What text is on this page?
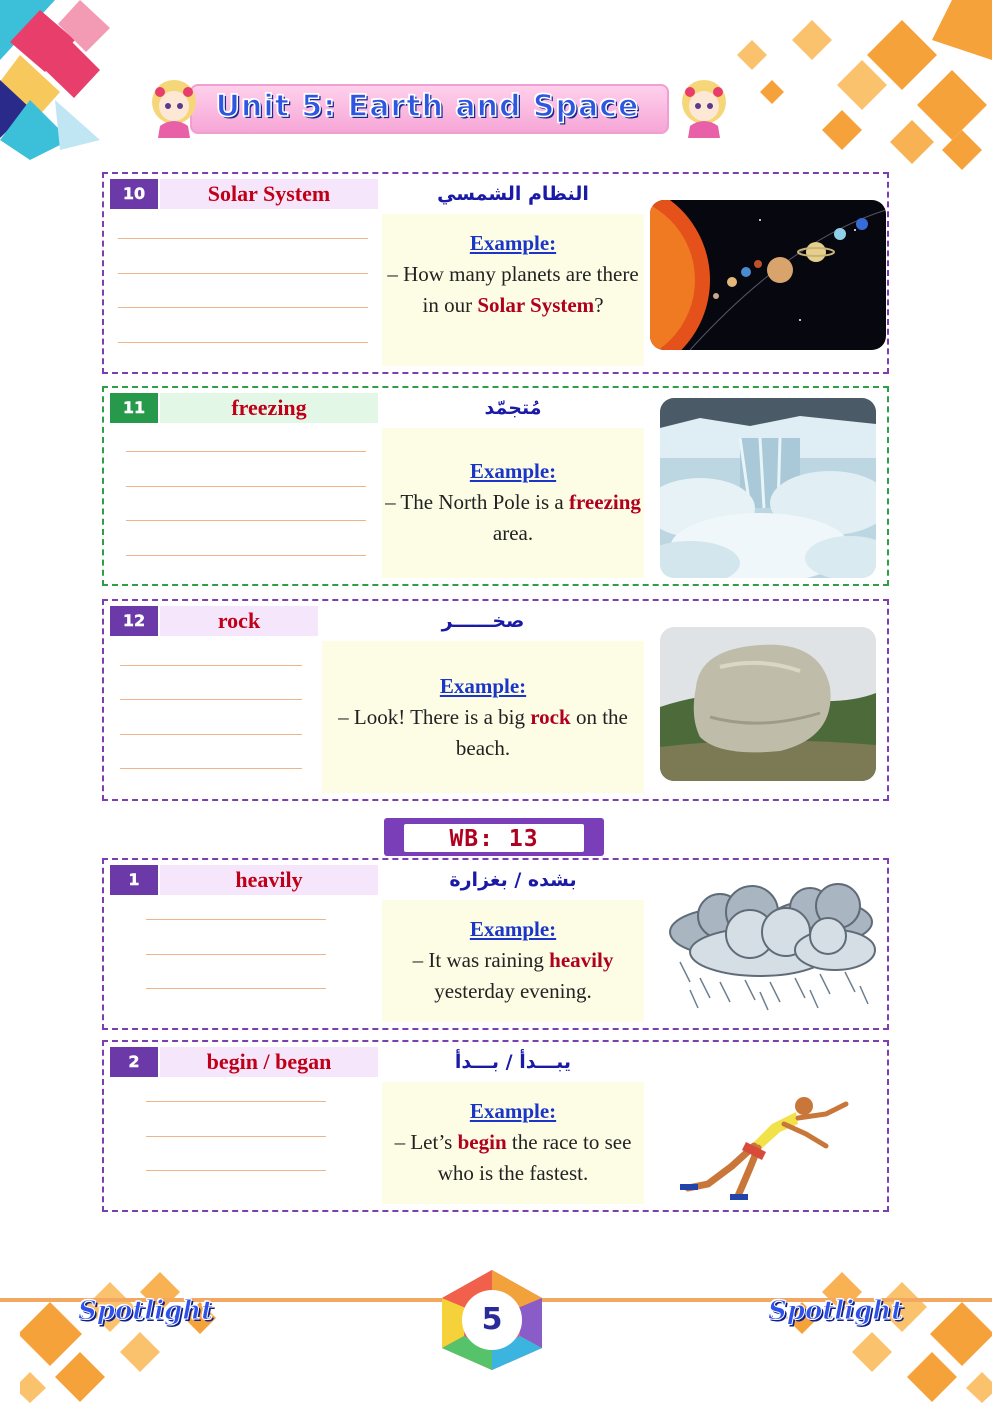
Unit 5: Earth and Space
10	Solar System	النظام الشمسي
Example:
– How many planets are there in our Solar System?
11	freezing	مُتجمّد
Example:
– The North Pole is a freezing area.
12	rock	صخــــــر
Example:
– Look! There is a big rock on the beach.
WB: 13
1	heavily	بشده / بغزارة
Example:
– It was raining heavily yesterday evening.
2	begin / began	يبـــدأ / بـــدأ
Example:
– Let’s begin the race to see who is the fastest.
Spotlight	Spotlight
5
